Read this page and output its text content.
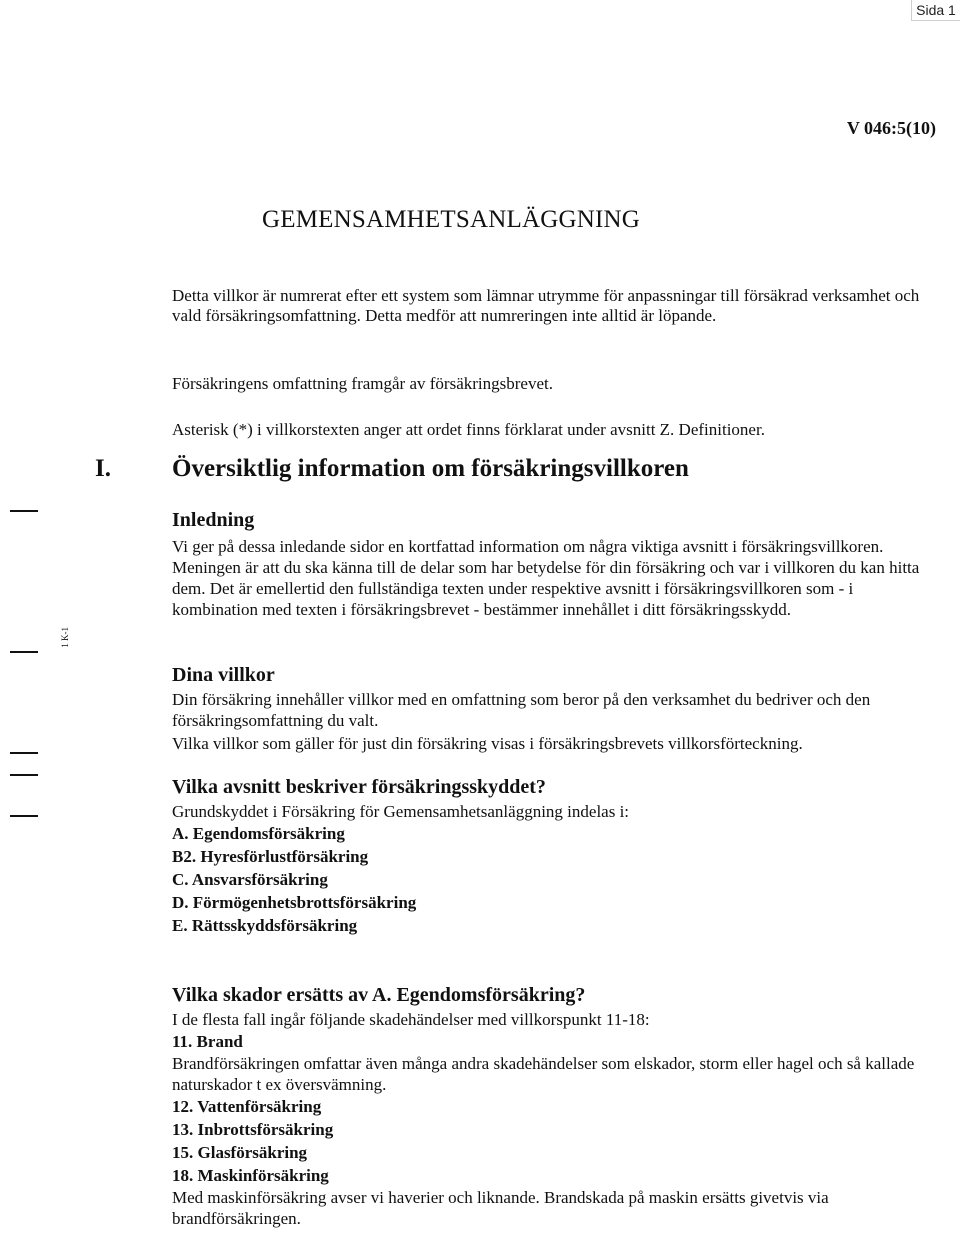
Sida 1
V 046:5(10)
GEMENSAMHETSANLÄGGNING

Detta villkor är numrerat efter ett system som lämnar utrymme för anpassningar till försäkrad verksamhet och vald försäkringsomfattning. Detta medför att numreringen inte alltid är löpande.

Försäkringens omfattning framgår av försäkringsbrevet.

Asterisk (*) i villkorstexten anger att ordet finns förklarat under avsnitt Z. Definitioner.

I. Översiktlig information om försäkringsvillkoren
1 K-1
Inledning

Vi ger på dessa inledande sidor en kortfattad information om några viktiga avsnitt i försäkringsvillkoren. Meningen är att du ska känna till de delar som har betydelse för din försäkring och var i villkoren du kan hitta dem. Det är emellertid den fullständiga texten under respektive avsnitt i försäkringsvillkoren som - i kombination med texten i försäkringsbrevet - bestämmer innehållet i ditt försäkringsskydd.

Dina villkor

Din försäkring innehåller villkor med en omfattning som beror på den verksamhet du bedriver och den försäkringsomfattning du valt.

Vilka villkor som gäller för just din försäkring visas i försäkringsbrevets villkorsförteckning.

Vilka avsnitt beskriver försäkringsskyddet?

Grundskyddet i Försäkring för Gemensamhetsanläggning indelas i:

A. Egendomsförsäkring
B2. Hyresförlustförsäkring
C. Ansvarsförsäkring
D. Förmögenhetsbrottsförsäkring
E. Rättsskyddsförsäkring
Vilka skador ersätts av A. Egendomsförsäkring?

I de flesta fall ingår följande skadehändelser med villkorspunkt 11-18:

11. Brand

Brandförsäkringen omfattar även många andra skadehändelser som elskador, storm eller hagel och så kallade naturskador t ex översvämning.

12. Vattenförsäkring

13. Inbrottsförsäkring

15. Glasförsäkring

18. Maskinförsäkring

Med maskinförsäkring avser vi haverier och liknande. Brandskada på maskin ersätts givetvis via brandförsäkringen.
